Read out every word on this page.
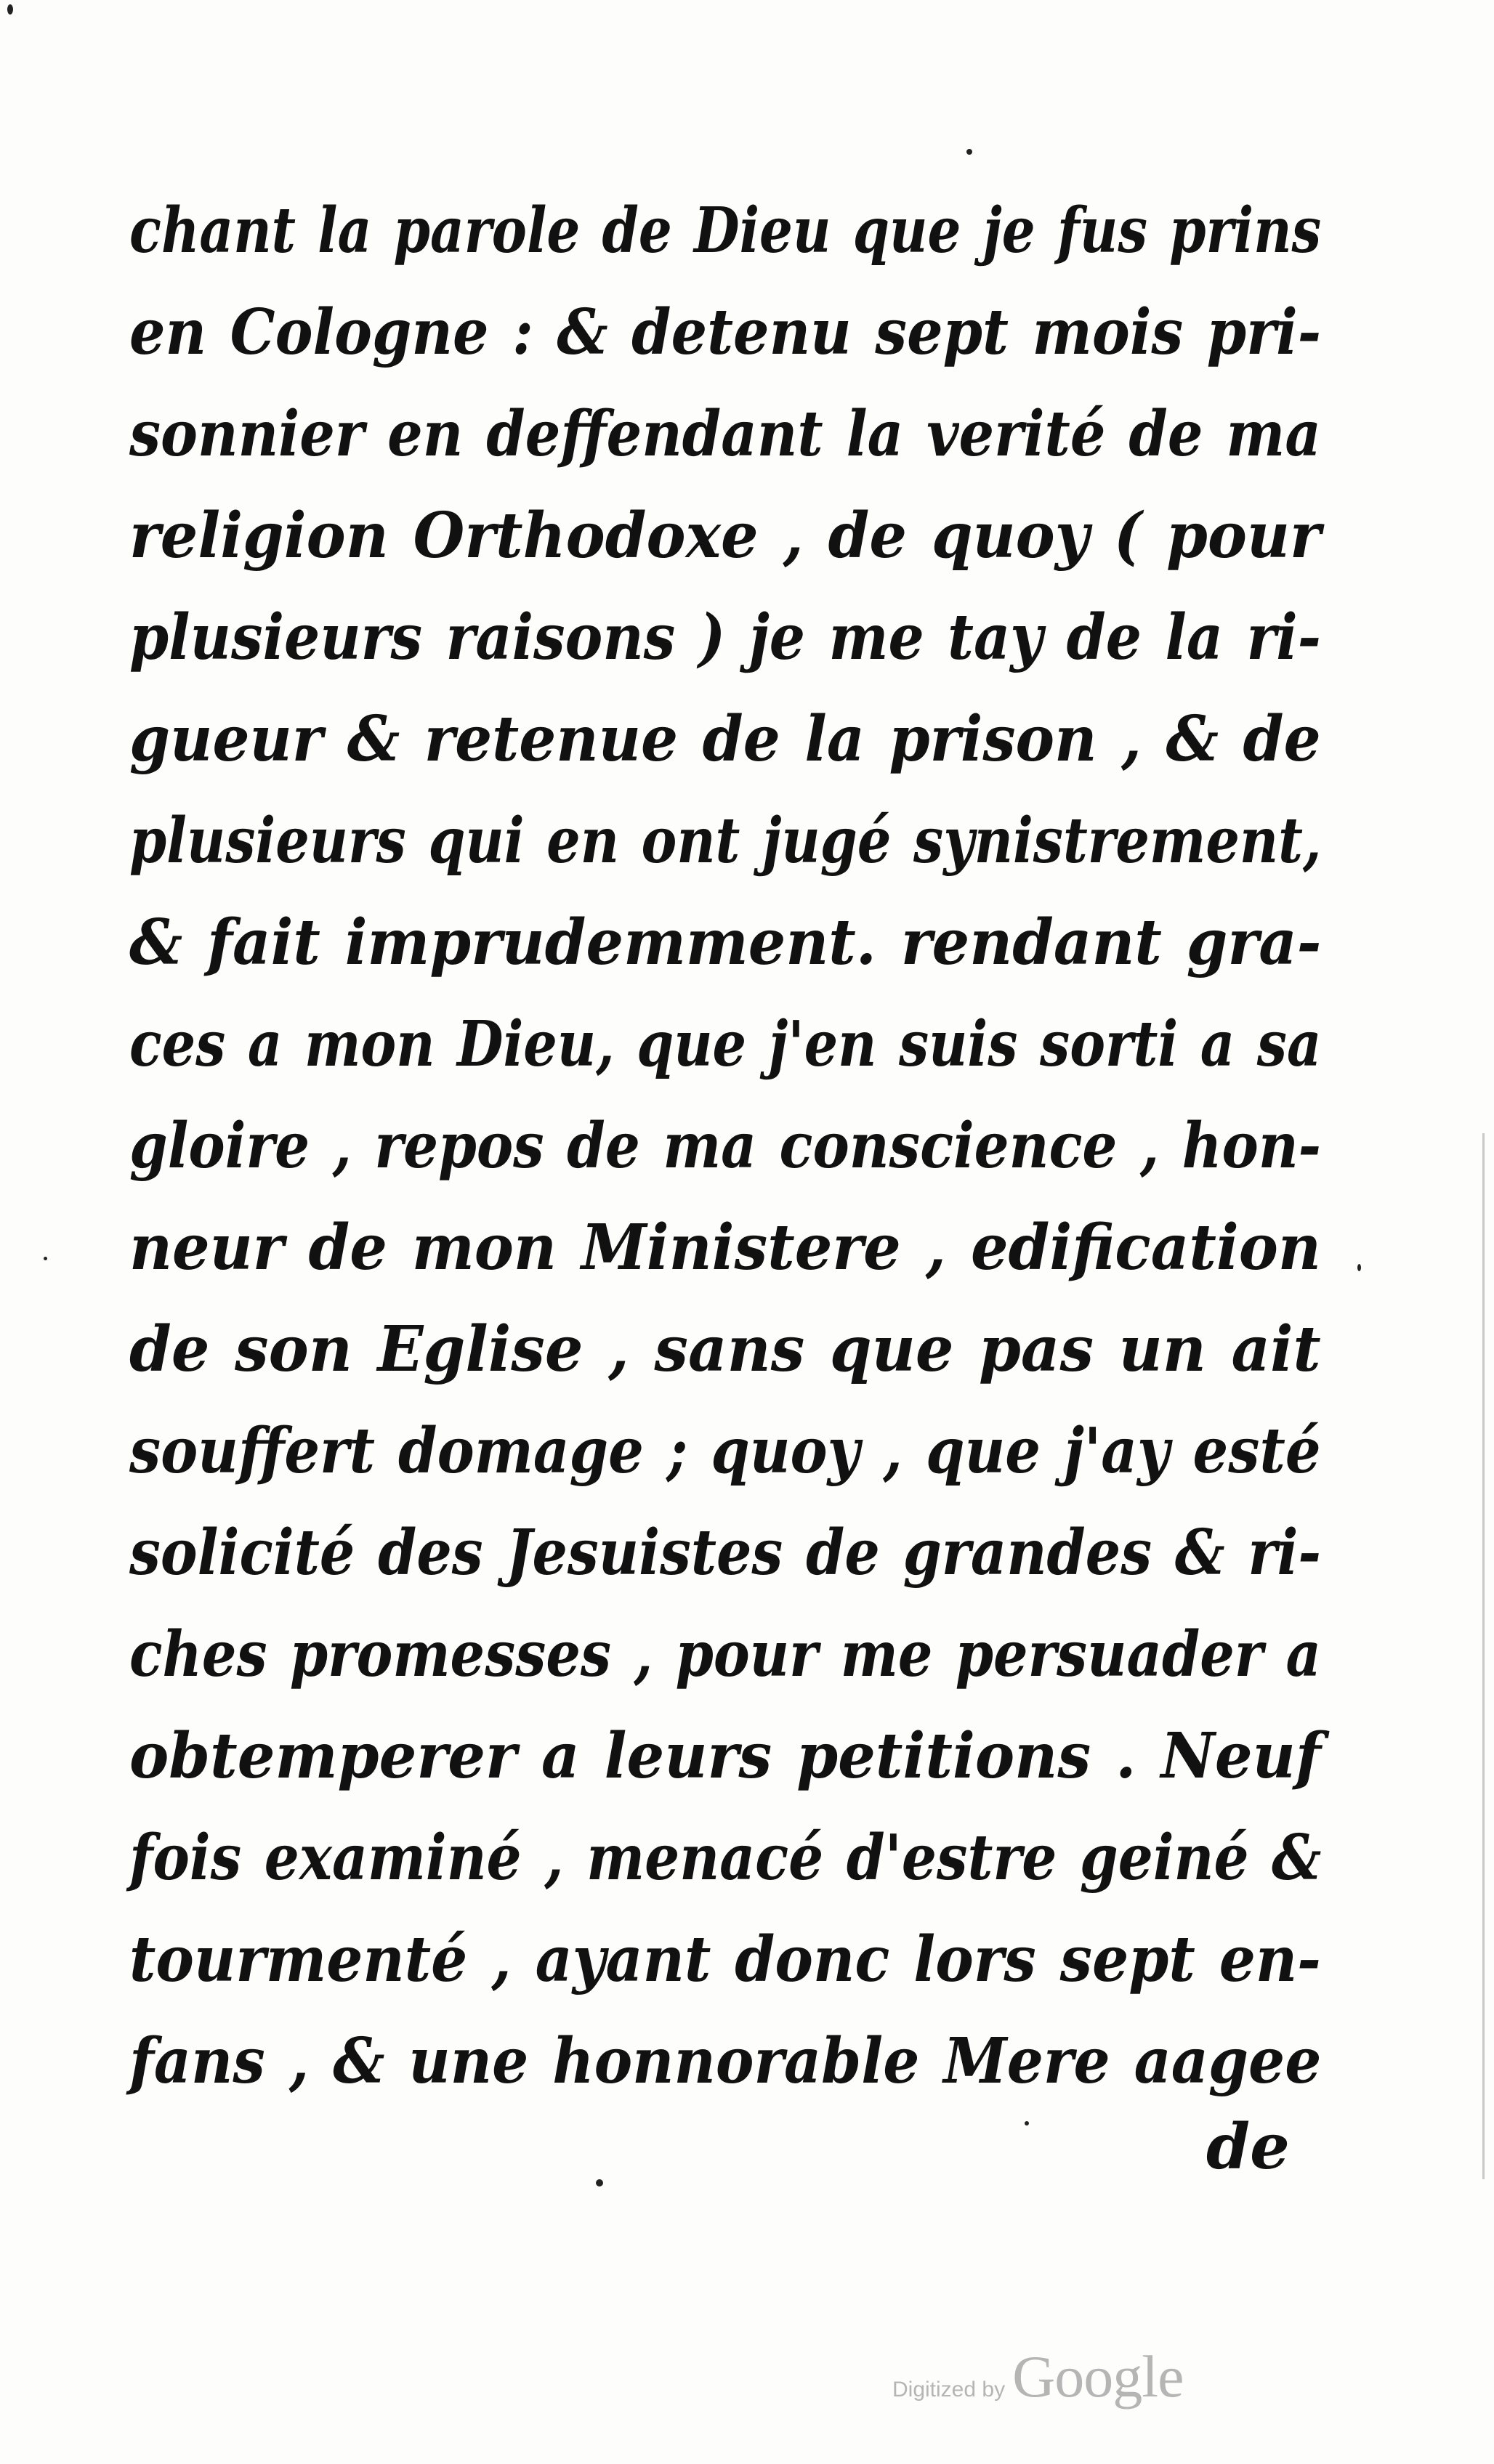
chant la parole de Dieu que je fus prins
en Cologne : & detenu sept mois pri-
sonnier en deffendant la verité de ma
religion Orthodoxe , de quoy ( pour
plusieurs raisons ) je me tay de la ri-
gueur & retenue de la prison , & de
plusieurs qui en ont jugé synistrement,
& fait imprudemment. rendant gra-
ces a mon Dieu, que j'en suis sorti a sa
gloire , repos de ma conscience , hon-
neur de mon Ministere , edification
de son Eglise , sans que pas un ait
souffert domage ; quoy , que j'ay esté
solicité des Jesuistes de grandes & ri-
ches promesses , pour me persuader a
obtemperer a leurs petitions . Neuf
fois examiné , menacé d'estre geiné &
tourmenté , ayant donc lors sept en-
fans , & une honnorable Mere aagee
de
Digitized by Google
